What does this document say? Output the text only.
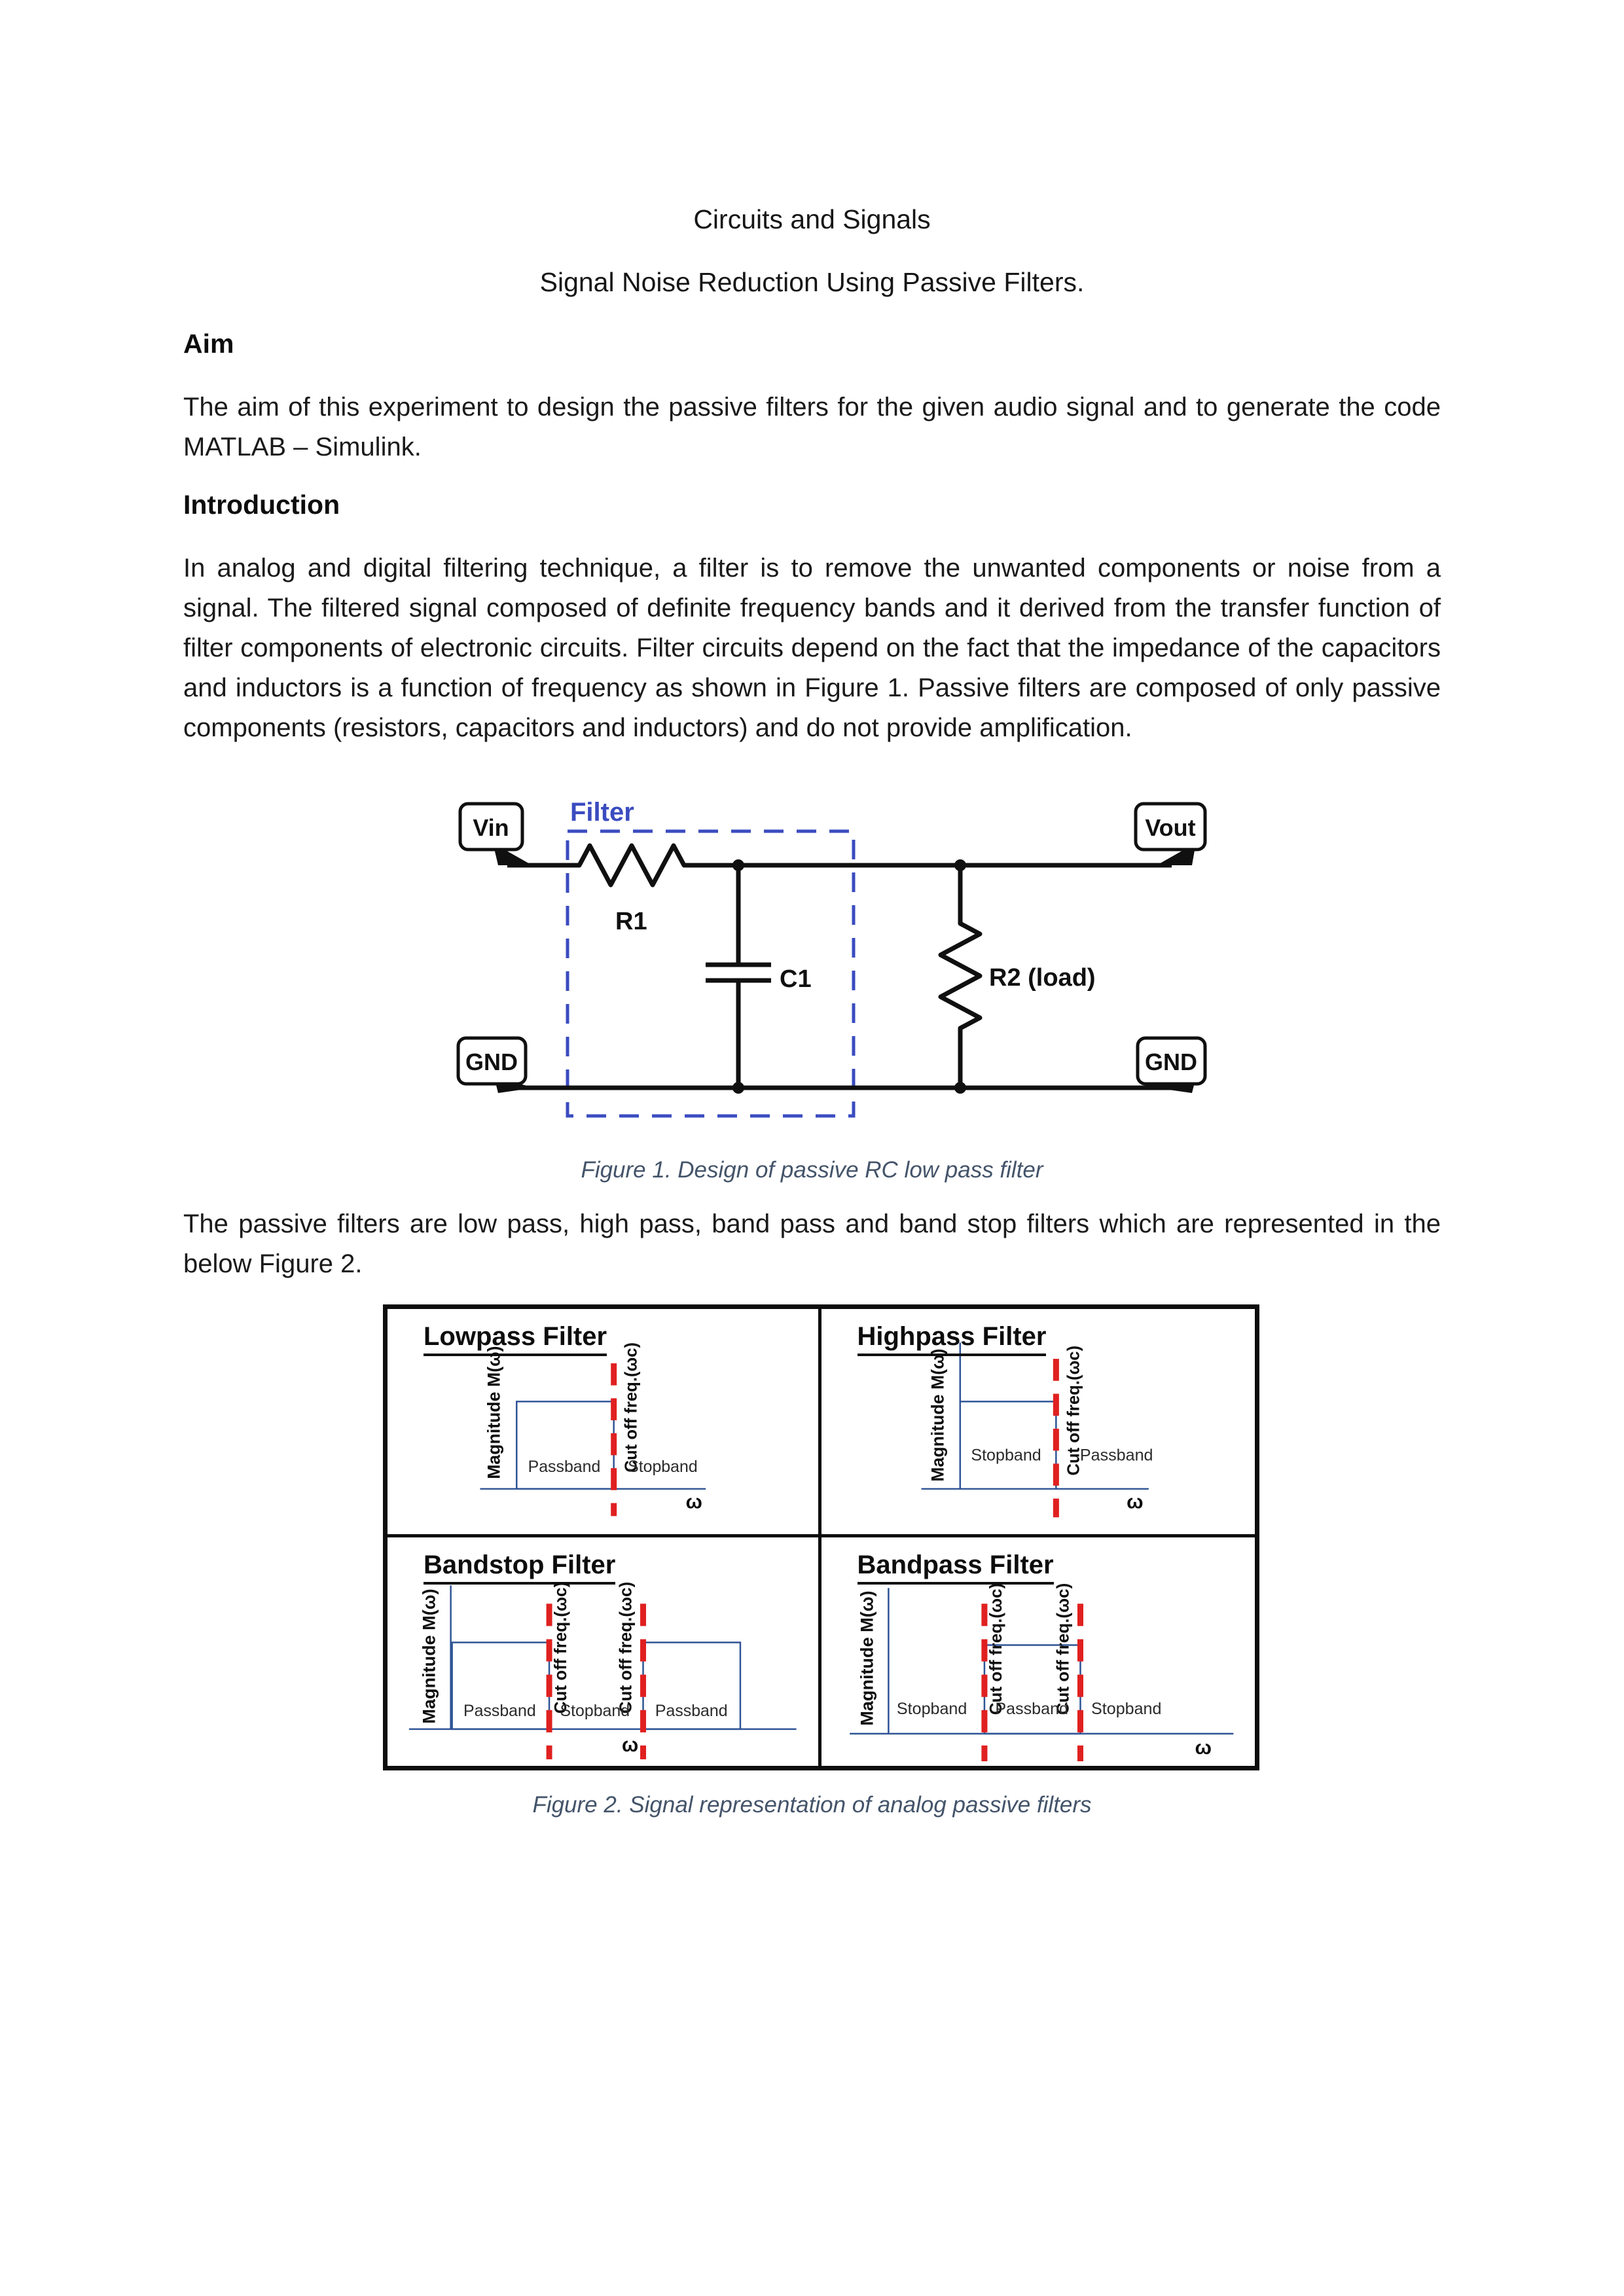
Circuits and Signals
Signal Noise Reduction Using Passive Filters.
Aim
The aim of this experiment to design the passive filters for the given audio signal and to generate the code MATLAB – Simulink.
Introduction
In analog and digital filtering technique, a filter is to remove the unwanted components or noise from a signal. The filtered signal composed of definite frequency bands and it derived from the transfer function of filter components of electronic circuits. Filter circuits depend on the fact that the impedance of the capacitors and inductors is a function of frequency as shown in Figure 1. Passive filters are composed of only passive components (resistors, capacitors and inductors) and do not provide amplification.
Filter
Vin	Vout
GND	GND
R1
C1	R2 (load)
Figure 1. Design of passive RC low pass filter
The passive filters are low pass, high pass, band pass and band stop filters which are represented in the below Figure 2.
Lowpass Filter
Magnitude M(ω)	Cut off freq.(ωc)
Passband Stopband
ω
Highpass Filter
Magnitude M(ω)	Cut off freq.(ωc)
Stopband Passband
ω
Bandstop Filter
Magnitude M(ω)	Cut off freq.(ωc)	Cut off freq.(ωc)
Passband Stopband Passband
ω
Bandpass Filter
Magnitude M(ω)	Cut off freq.(ωc)	Cut off freq.(ωc)
Stopband Passband Stopband
ω
Figure 2. Signal representation of analog passive filters
